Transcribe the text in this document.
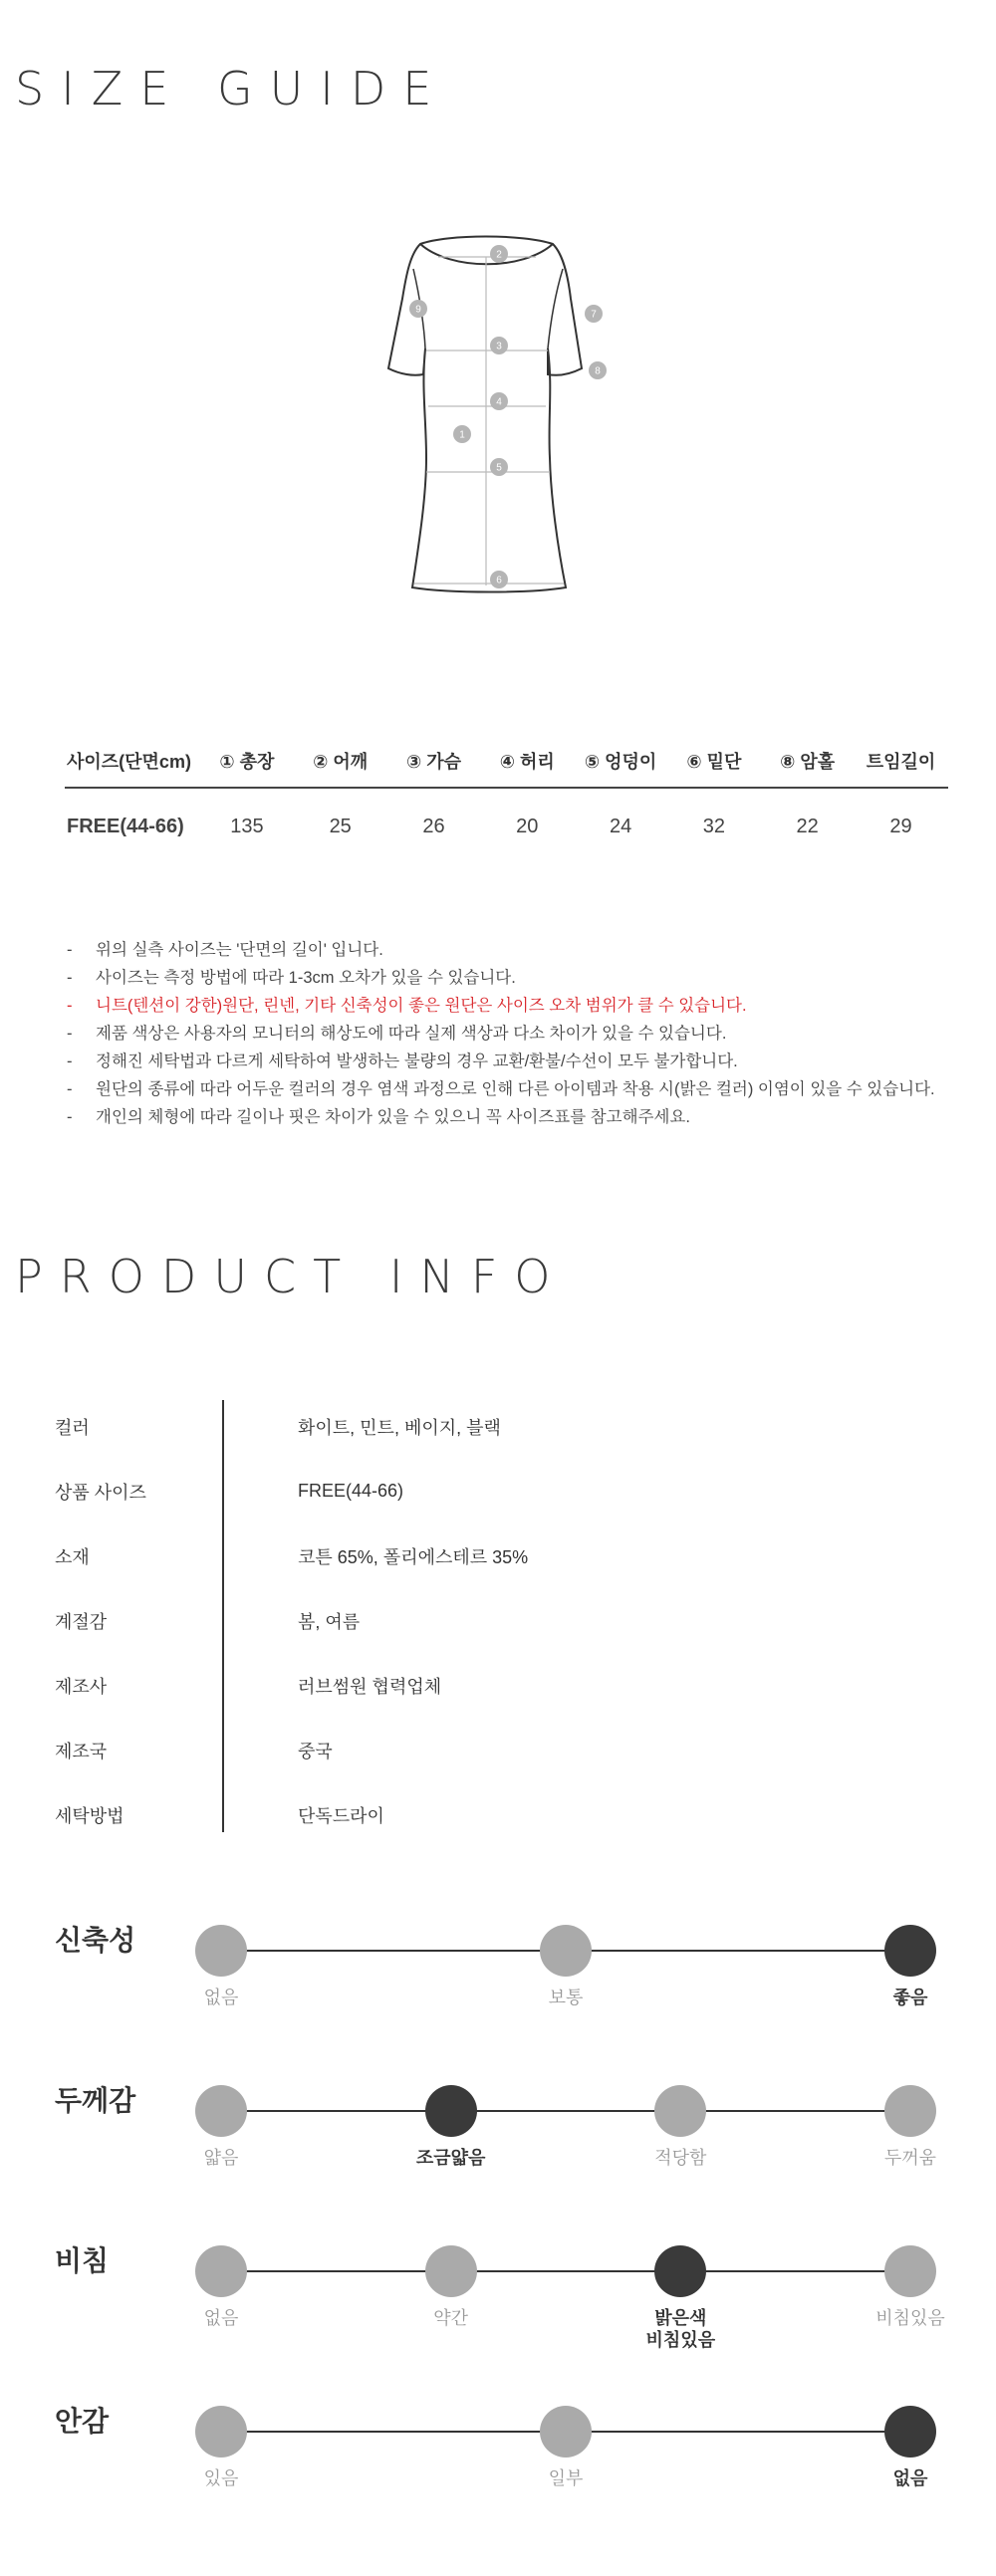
SIZE GUIDE
1
2
3
4
5
6
7
8
9
사이즈(단면cm)	① 총장	② 어깨	③ 가슴	④ 허리	⑤ 엉덩이	⑥ 밑단	⑧ 암홀	트임길이
FREE(44-66)	135	25	26	20	24	32	22	29
-	위의 실측 사이즈는 '단면의 길이' 입니다.
-	사이즈는 측정 방법에 따라 1-3cm 오차가 있을 수 있습니다.
-	니트(텐션이 강한)원단, 린넨, 기타 신축성이 좋은 원단은 사이즈 오차 범위가 클 수 있습니다.
-	제품 색상은 사용자의 모니터의 해상도에 따라 실제 색상과 다소 차이가 있을 수 있습니다.
-	정해진 세탁법과 다르게 세탁하여 발생하는 불량의 경우 교환/환불/수선이 모두 불가합니다.
-	원단의 종류에 따라 어두운 컬러의 경우 염색 과정으로 인해 다른 아이템과 착용 시(밝은 컬러) 이염이 있을 수 있습니다.
-	개인의 체형에 따라 길이나 핏은 차이가 있을 수 있으니 꼭 사이즈표를 참고해주세요.
PRODUCT INFO
컬러	화이트, 민트, 베이지, 블랙
상품 사이즈	FREE(44-66)
소재	코튼 65%, 폴리에스테르 35%
계절감	봄, 여름
제조사	러브썸원 협력업체
제조국	중국
세탁방법	단독드라이
신축성
없음	보통	좋음
두께감
얇음	조금얇음	적당함	두꺼움
비침
없음	약간	밝은색
비침있음
비침있음
안감
있음	일부	없음
